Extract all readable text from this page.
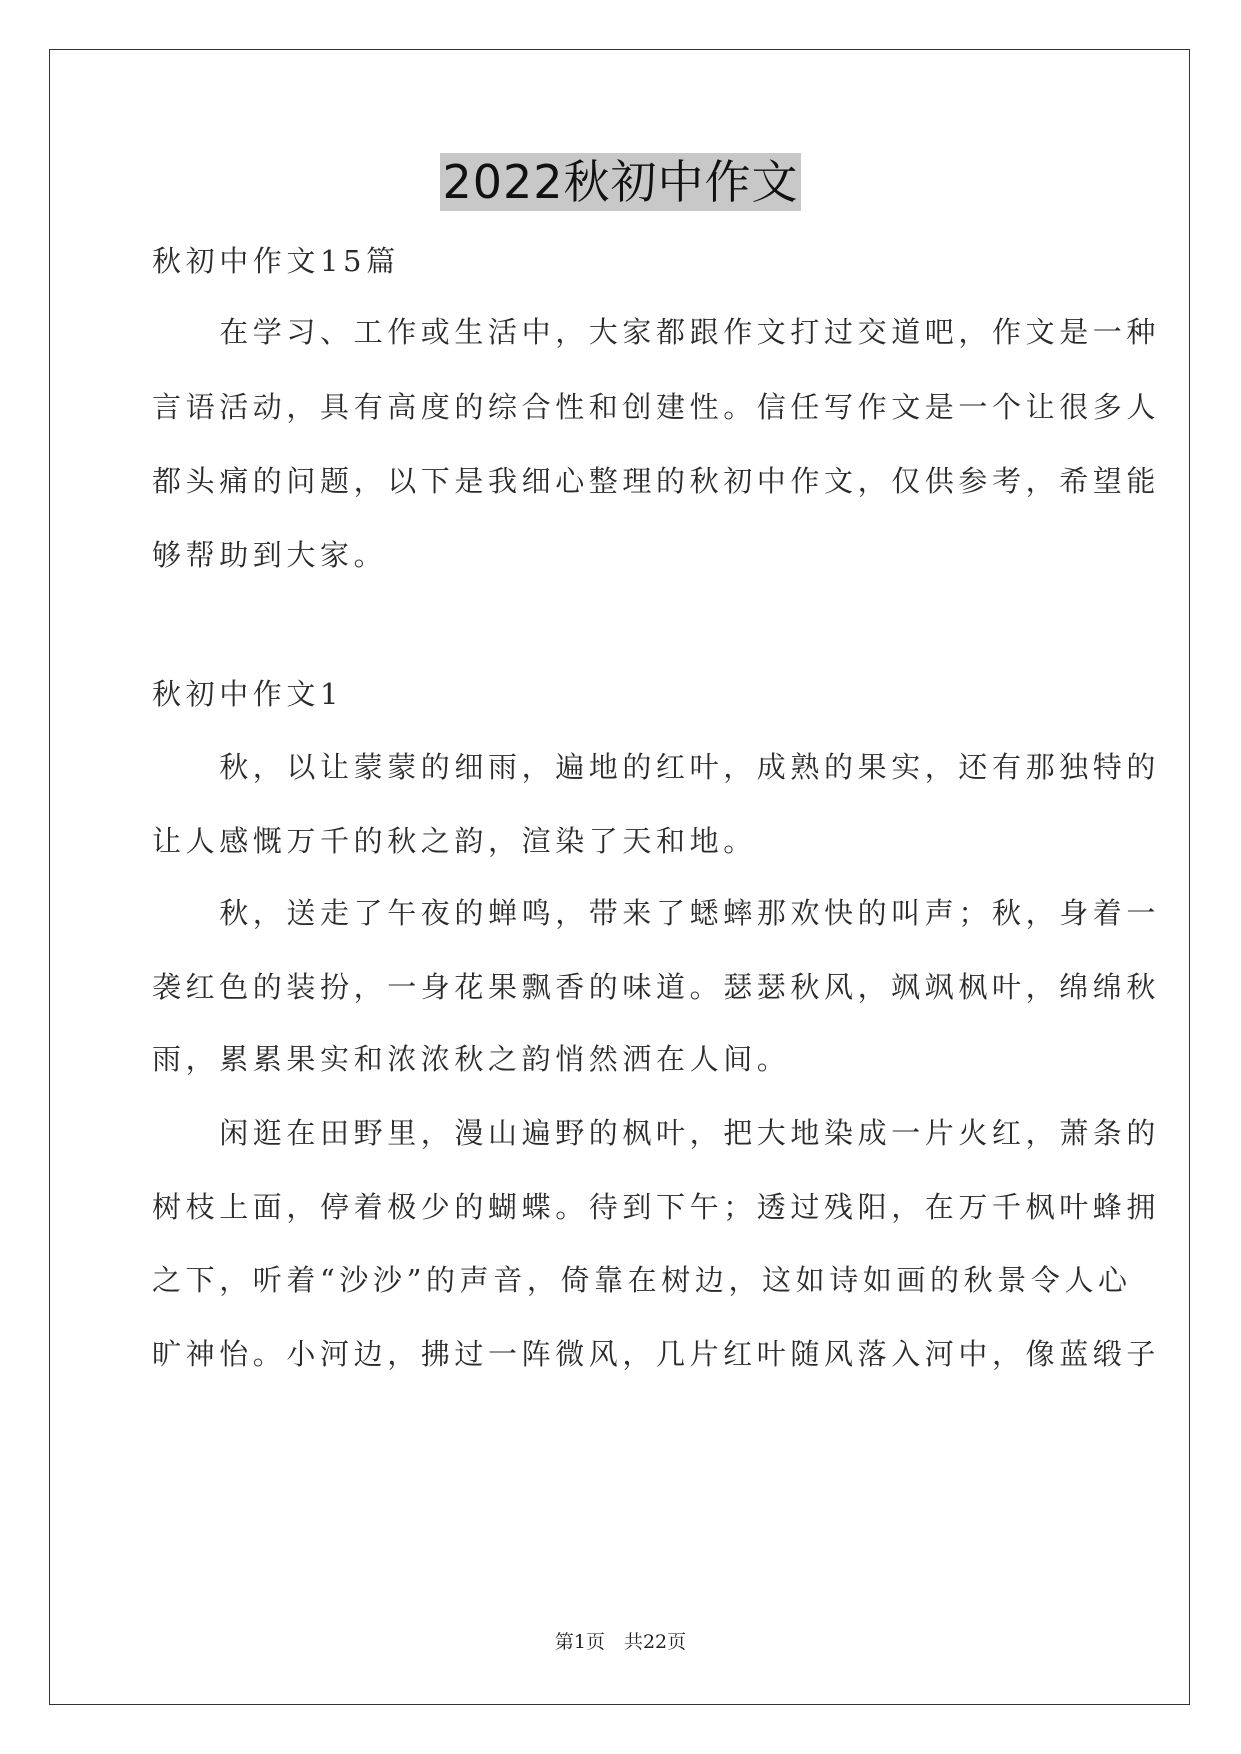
2022秋初中作文
秋初中作文15篇
　　在学习、工作或生活中，大家都跟作文打过交道吧，作文是一种
言语活动，具有高度的综合性和创建性。信任写作文是一个让很多人
都头痛的问题，以下是我细心整理的秋初中作文，仅供参考，希望能
够帮助到大家。
秋初中作文1
　　秋，以让蒙蒙的细雨，遍地的红叶，成熟的果实，还有那独特的
让人感慨万千的秋之韵，渲染了天和地。
　　秋，送走了午夜的蝉鸣，带来了蟋蟀那欢快的叫声；秋，身着一
袭红色的装扮，一身花果飘香的味道。瑟瑟秋风，飒飒枫叶，绵绵秋
雨，累累果实和浓浓秋之韵悄然洒在人间。
　　闲逛在田野里，漫山遍野的枫叶，把大地染成一片火红，萧条的
树枝上面，停着极少的蝴蝶。待到下午；透过残阳，在万千枫叶蜂拥
之下，听着“沙沙”的声音，倚靠在树边，这如诗如画的秋景令人心
旷神怡。小河边，拂过一阵微风，几片红叶随风落入河中，像蓝缎子
第1页　共22页
